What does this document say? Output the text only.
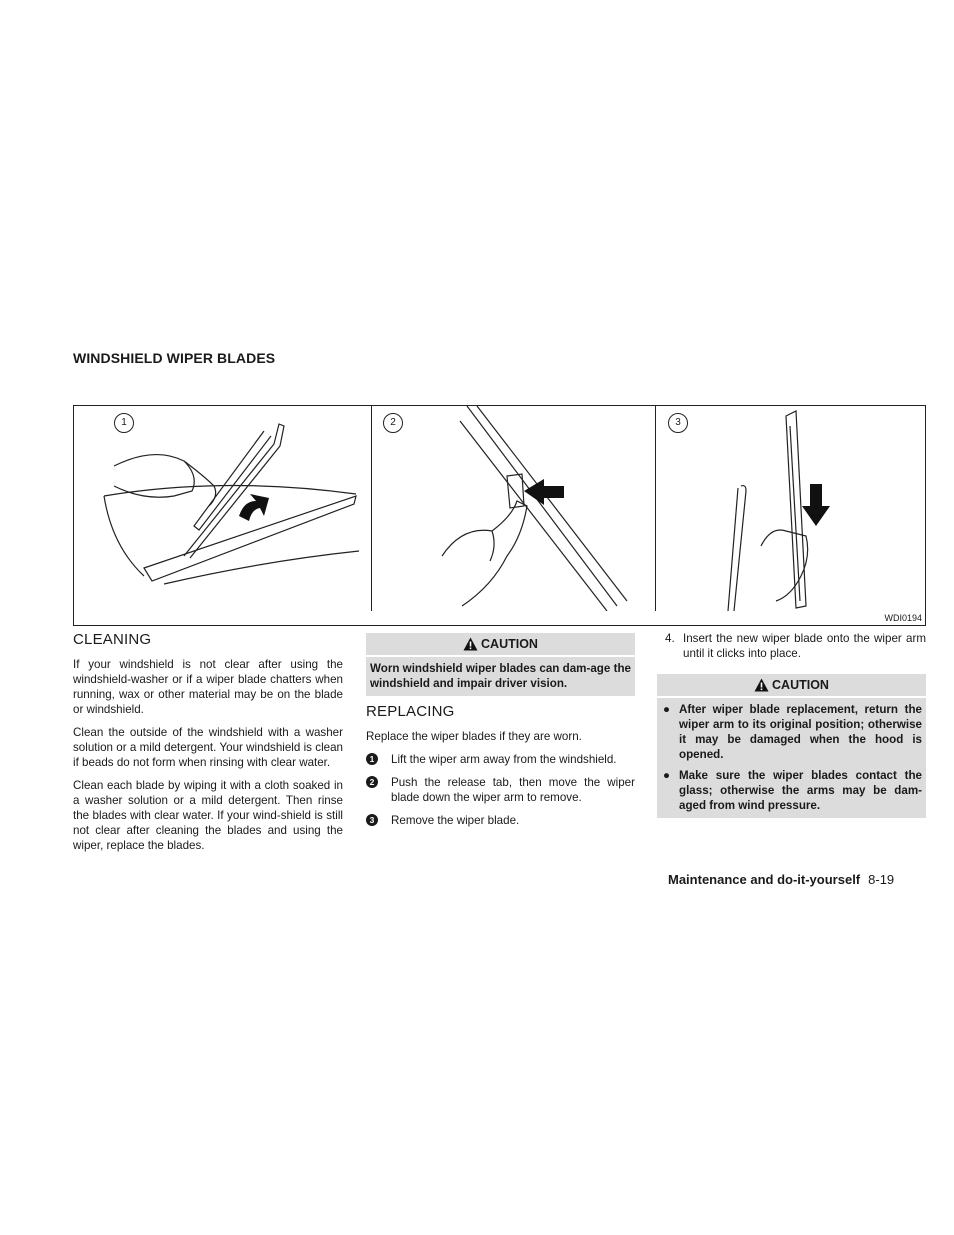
WINDSHIELD WIPER BLADES
1	2	3
WDI0194
CLEANING

If your windshield is not clear after using the windshield-washer or if a wiper blade chatters when running, wax or other material may be on the blade or windshield.

Clean the outside of the windshield with a washer solution or a mild detergent. Your windshield is clean if beads do not form when rinsing with clear water.

Clean each blade by wiping it with a cloth soaked in a washer solution or a mild detergent. Then rinse the blades with clear water. If your wind-shield is still not clear after cleaning the blades and using the wiper, replace the blades.

CAUTION
Worn windshield wiper blades can dam-age the windshield and impair driver vision.
REPLACING

Replace the wiper blades if they are worn.

1	Lift the wiper arm away from the windshield.
2	Push the release tab, then move the wiper blade down the wiper arm to remove.
3	Remove the wiper blade.
4. Insert the new wiper blade onto the wiper arm until it clicks into place.
CAUTION
● After wiper blade replacement, return the wiper arm to its original position; otherwise it may be damaged when the hood is opened.
● Make sure the wiper blades contact the glass; otherwise the arms may be dam-aged from wind pressure.
Maintenance and do-it-yourself 8-19
